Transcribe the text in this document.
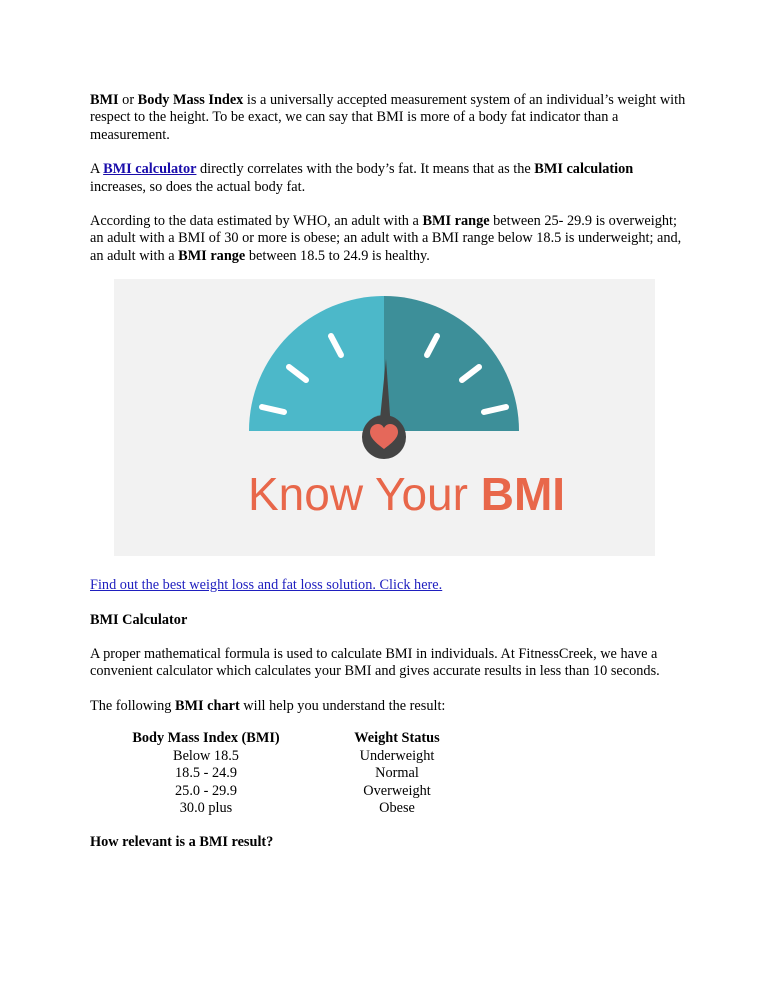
BMI or Body Mass Index is a universally accepted measurement system of an individual’s weight with respect to the height. To be exact, we can say that BMI is more of a body fat indicator than a measurement.

A BMI calculator directly correlates with the body’s fat. It means that as the BMI calculation increases, so does the actual body fat.

According to the data estimated by WHO, an adult with a BMI range between 25- 29.9 is overweight; an adult with a BMI of 30 or more is obese; an adult with a BMI range below 18.5 is underweight; and, an adult with a BMI range between 18.5 to 24.9 is healthy.

Know Your BMI

Find out the best weight loss and fat loss solution. Click here.

BMI Calculator

A proper mathematical formula is used to calculate BMI in individuals. At FitnessCreek, we have a convenient calculator which calculates your BMI and gives accurate results in less than 10 seconds.

The following BMI chart will help you understand the result:

Body Mass Index (BMI)		Weight Status
Below 18.5		Underweight
18.5 - 24.9		Normal
25.0 - 29.9		Overweight
30.0 plus		Obese

How relevant is a BMI result?
